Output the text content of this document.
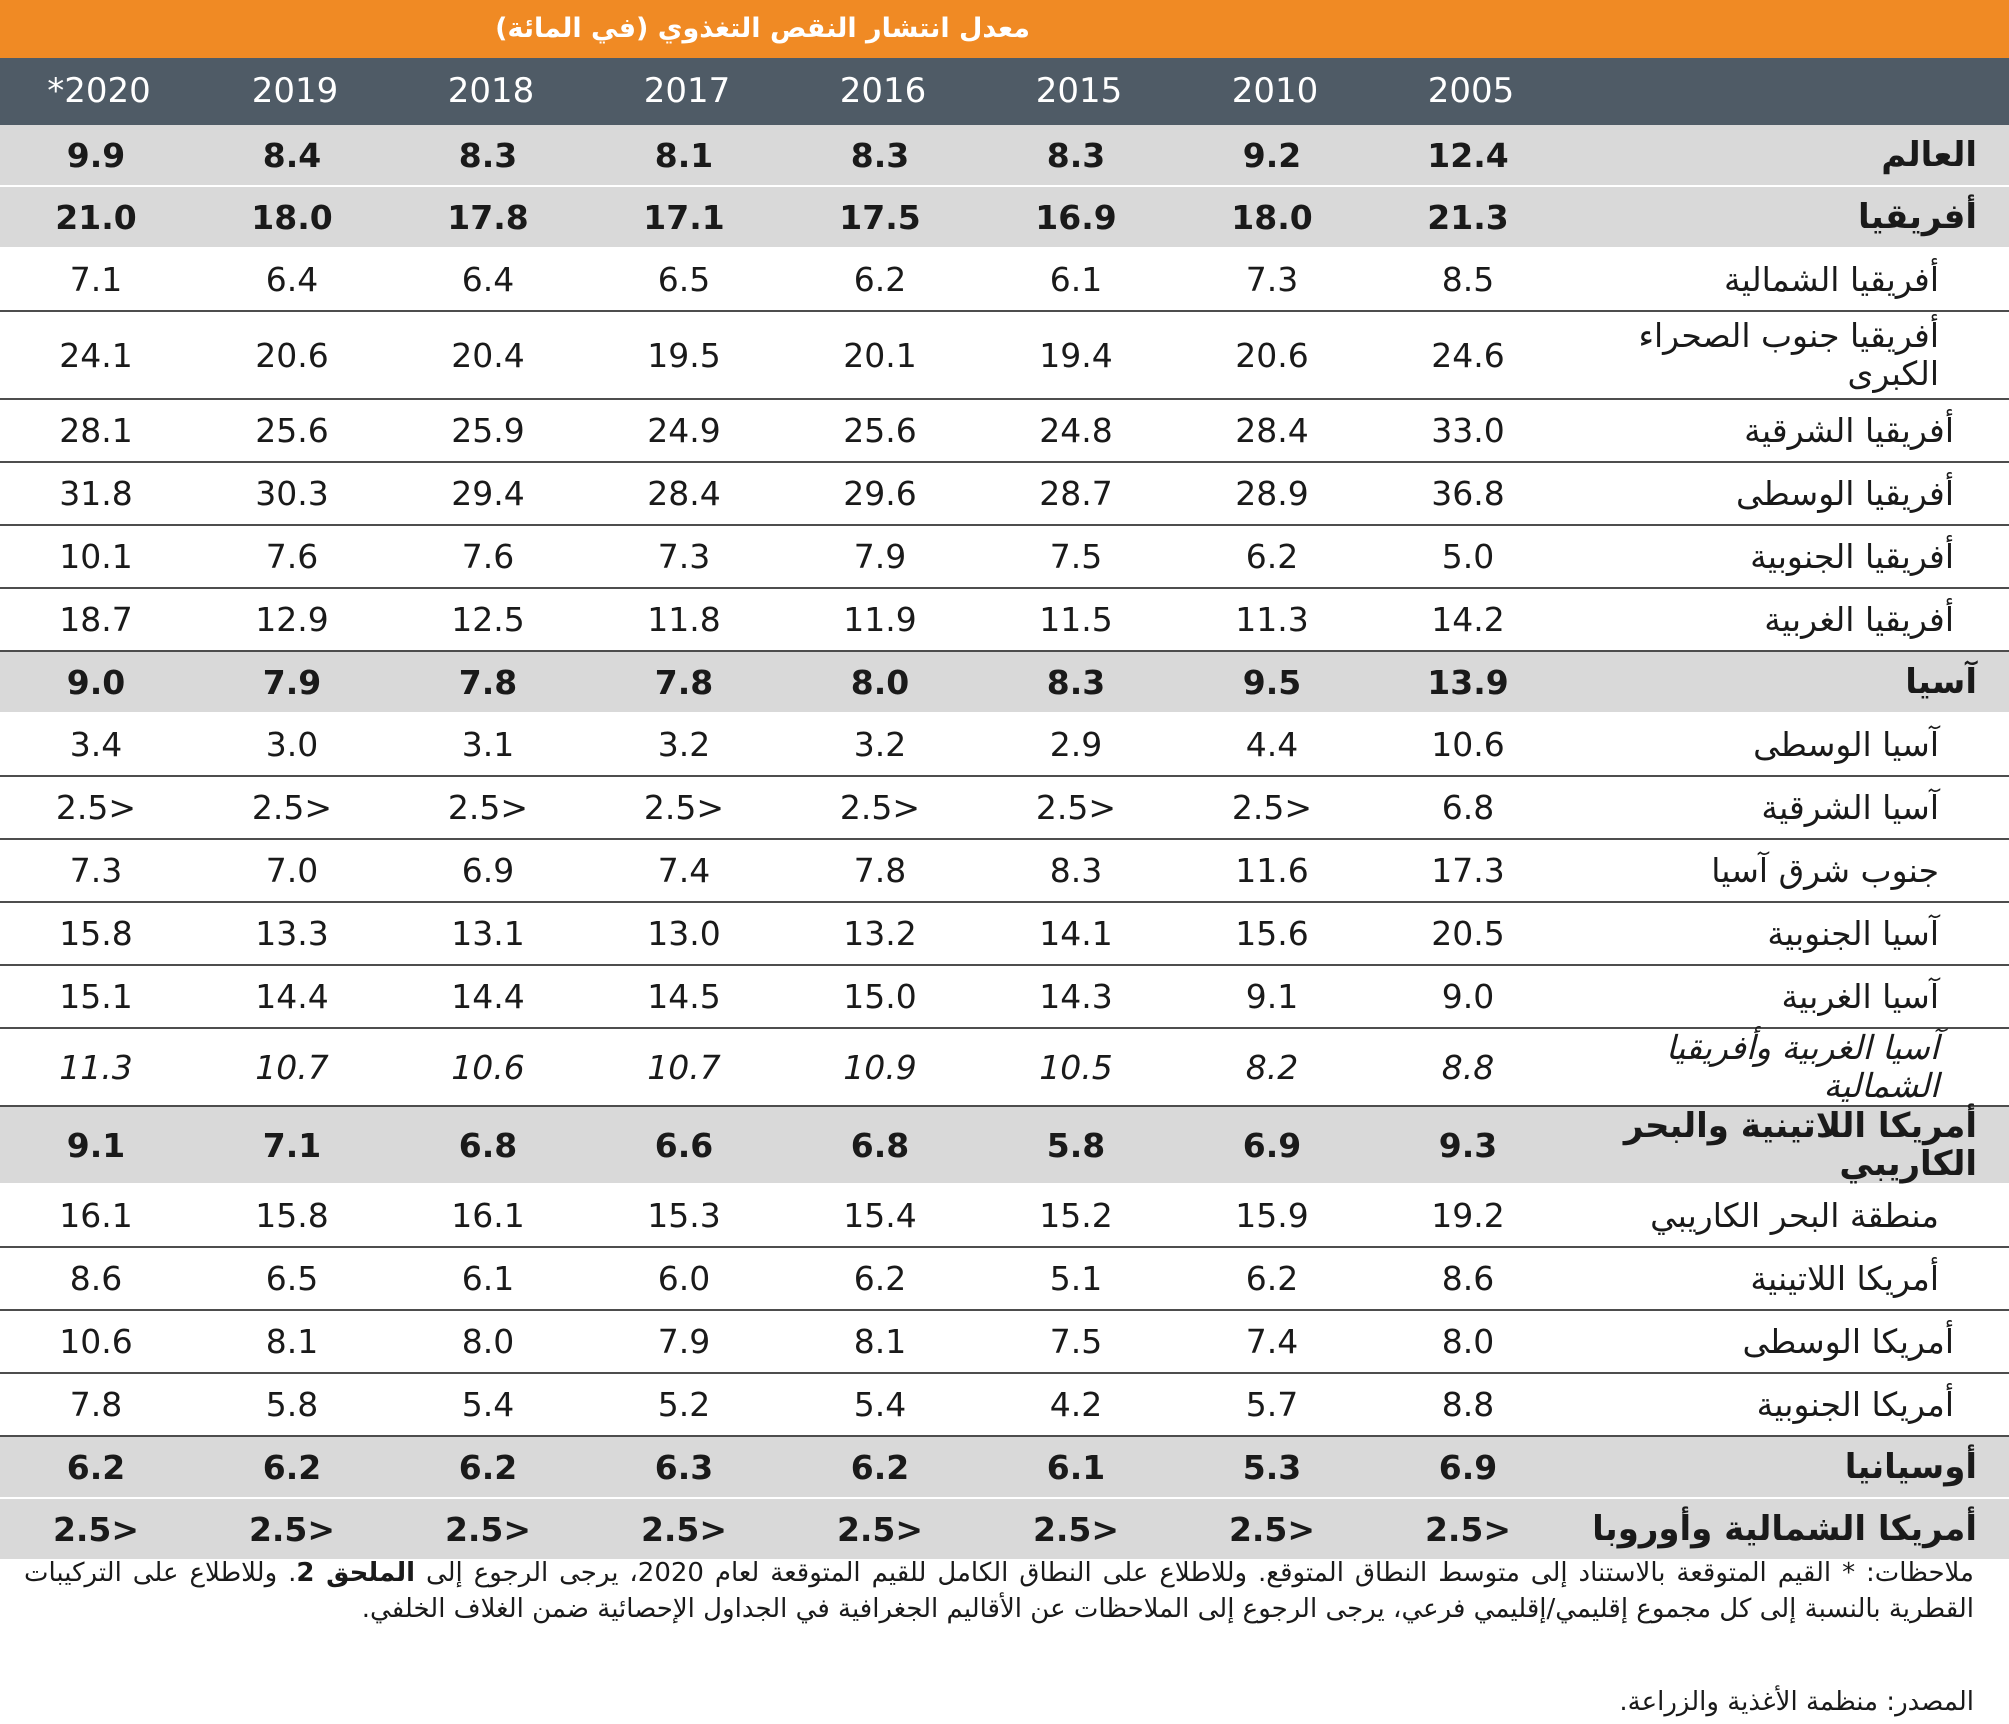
معدل انتشار النقص التغذوي (في المائة)
*2020	2019	2018	2017	2016	2015	2010	2005
9.9	8.4	8.3	8.1	8.3	8.3	9.2	12.4	العالم
21.0	18.0	17.8	17.1	17.5	16.9	18.0	21.3	أفريقيا
7.1	6.4	6.4	6.5	6.2	6.1	7.3	8.5	أفريقيا الشمالية
24.1	20.6	20.4	19.5	20.1	19.4	20.6	24.6	أفريقيا جنوب الصحراء الكبرى
28.1	25.6	25.9	24.9	25.6	24.8	28.4	33.0	أفريقيا الشرقية
31.8	30.3	29.4	28.4	29.6	28.7	28.9	36.8	أفريقيا الوسطى
10.1	7.6	7.6	7.3	7.9	7.5	6.2	5.0	أفريقيا الجنوبية
18.7	12.9	12.5	11.8	11.9	11.5	11.3	14.2	أفريقيا الغربية
9.0	7.9	7.8	7.8	8.0	8.3	9.5	13.9	آسيا
3.4	3.0	3.1	3.2	3.2	2.9	4.4	10.6	آسيا الوسطى
2.5>	2.5>	2.5>	2.5>	2.5>	2.5>	2.5>	6.8	آسيا الشرقية
7.3	7.0	6.9	7.4	7.8	8.3	11.6	17.3	جنوب شرق آسيا
15.8	13.3	13.1	13.0	13.2	14.1	15.6	20.5	آسيا الجنوبية
15.1	14.4	14.4	14.5	15.0	14.3	9.1	9.0	آسيا الغربية
11.3	10.7	10.6	10.7	10.9	10.5	8.2	8.8	آسيا الغربية وأفريقيا الشمالية
9.1	7.1	6.8	6.6	6.8	5.8	6.9	9.3	أمريكا اللاتينية والبحر الكاريبي
16.1	15.8	16.1	15.3	15.4	15.2	15.9	19.2	منطقة البحر الكاريبي
8.6	6.5	6.1	6.0	6.2	5.1	6.2	8.6	أمريكا اللاتينية
10.6	8.1	8.0	7.9	8.1	7.5	7.4	8.0	أمريكا الوسطى
7.8	5.8	5.4	5.2	5.4	4.2	5.7	8.8	أمريكا الجنوبية
6.2	6.2	6.2	6.3	6.2	6.1	5.3	6.9	أوسيانيا
2.5>	2.5>	2.5>	2.5>	2.5>	2.5>	2.5>	2.5>	أمريكا الشمالية وأوروبا

ملاحظات: * القيم المتوقعة بالاستناد إلى متوسط النطاق المتوقع. وللاطلاع على النطاق الكامل للقيم المتوقعة لعام 2020، يرجى الرجوع إلى الملحق 2. وللاطلاع على التركيبات القطرية بالنسبة إلى كل مجموع إقليمي/إقليمي فرعي، يرجى الرجوع إلى الملاحظات عن الأقاليم الجغرافية في الجداول الإحصائية ضمن الغلاف الخلفي.

المصدر: منظمة الأغذية والزراعة.
